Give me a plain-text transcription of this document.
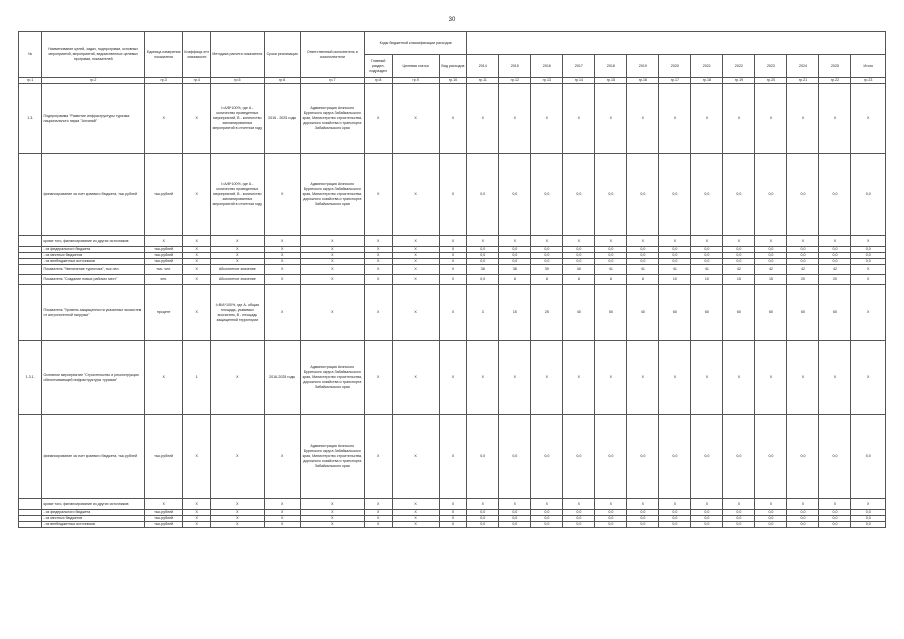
30
№	Наименование целей, задач, подпрограмм, основных мероприятий, мероприятий, ведомственных целевых программ, показателей	Единица измерения показателя	Коэффици-ент значимости	Методика расчета показателя	Сроки реализации	Ответственный исполнитель и соисполнители	Коды бюджетной классификации расходов															
							Главный раздел, подраздел	Целевая статья	Вид расходов	2014	2015	2016	2017	2018	2019	2020	2021	2022	2023	2024	2025	Итого
гр.1	гр.2	гр.3	гр.4	гр.5	гр.6	гр.7	гр.8	гр.9	гр.10	гр.11	гр.12	гр.13	гр.14	гр.15	гр.16	гр.17	гр.18	гр.19	гр.20	гр.21	гр.22	гр.23
1.3.	Подпрограмма "Развитие инфраструктуры туризма национального парка "Алханай"	Х	Х	I=A/B*100%, где А - количество проведенных мероприятий, В - количество запланированных мероприятий в отчетном году	2016 - 2025 годы	Администрация Агинского Бурятского округа Забайкальского края, Министерство строительства, дорожного хозяйства и транспорта Забайкальского края	Х	Х	Х	Х	Х	Х	Х	Х	Х	Х	Х	Х	Х	Х	Х	Х
	финансирование за счет краевого бюджета, тыс.рублей	тыс.рублей	Х	I=A/B*100%, где А - количество проведенных мероприятий, В - количество запланированных мероприятий в отчетном году	Х	Администрация Агинского Бурятского округа Забайкальского края, Министерство строительства, дорожного хозяйства и транспорта Забайкальского края	Х	Х	Х	0,0	0,0	0,0	0,0	0,0	0,0	0,0	0,0	0,0	0,0	0,0	0,0	0,0
	кроме того, финансирование из других источников:	Х	Х	Х	Х	Х	Х	Х	Х	Х	Х	Х	Х	Х	Х	Х	Х	Х	Х	Х	Х	Х
	- из федерального бюджета	тыс.рублей	Х	Х	Х	Х	Х	Х	Х	0,0	0,0	0,0	0,0	0,0	0,0	0,0	0,0	0,0	0,0	0,0	0,0	0,0
	- из местных бюджетов	тыс.рублей	Х	Х	Х	Х	Х	Х	Х	0,0	0,0	0,0	0,0	0,0	0,0	0,0	0,0	0,0	0,0	0,0	0,0	0,0
	- из внебюджетных источников	тыс.рублей	Х	Х	Х	Х	Х	Х	Х	0,0	0,0	0,0	0,0	0,0	0,0	0,0	0,0	0,0	0,0	0,0	0,0	0,0
	Показатель "Увеличение турпотока", тыс.чел.	тыс. чел.	Х	Абсолютное значение	Х	Х	Х	Х	Х	38	38	39	40	41	41	41	41	42	42	42	42	Х
	Показатель "Создание новых рабочих мест"	чел.	Х	Абсолютное значение	Х	Х	Х	Х	Х	0,0	8	8	8	8	8	10	10	15	15	20	20	Х
	Показатель "Уровень защищенности указанных экосистем от антропогенной нагрузки"	процент	Х	I=B/A*100%, где А- общая площадь, уязвимых экосистем, В - площадь защищенной территории	Х	Х	Х	Х	Х	3	15	25	40	50	40	60	60	60	60	60	60	Х
1.3.1.	Основное мероприятие "Строительство и реконструкция обеспечивающей инфраструктуры туризма"	Х	1	Х	2016-2025 годы	Администрация Агинского Бурятского округа Забайкальского края, Министерство строительства, дорожного хозяйства и транспорта Забайкальского края	Х	Х	Х	Х	Х	Х	Х	Х	Х	Х	Х	Х	Х	Х	Х	Х
	финансирование за счет краевого бюджета, тыс.рублей	тыс.рублей	Х	Х	Х	Администрация Агинского Бурятского округа Забайкальского края, Министерство строительства, дорожного хозяйства и транспорта Забайкальского края	Х	Х	Х	0,0	0,0	0,0	0,0	0,0	0,0	0,0	0,0	0,0	0,0	0,0	0,0	0,0
	кроме того, финансирование из других источников:	Х	Х	Х	Х	Х	Х	Х	Х	Х	Х	Х	Х	Х	Х	Х	Х	Х	Х	Х	Х	Х
	- из федерального бюджета	тыс.рублей	Х	Х	Х	Х	Х	Х	Х	0,0	0,0	0,0	0,0	0,0	0,0	0,0	0,0	0,0	0,0	0,0	0,0	0,0
	- из местных бюджетов	тыс.рублей	Х	Х	Х	Х	Х	Х	Х	0,0	0,0	0,0	0,0	0,0	0,0	0,0	0,0	0,0	0,0	0,0	0,0	0,0
	- из внебюджетных источников	тыс.рублей	Х	Х	Х	Х	Х	Х	Х	0,0	0,0	0,0	0,0	0,0	0,0	0,0	0,0	0,0	0,0	0,0	0,0	0,0
